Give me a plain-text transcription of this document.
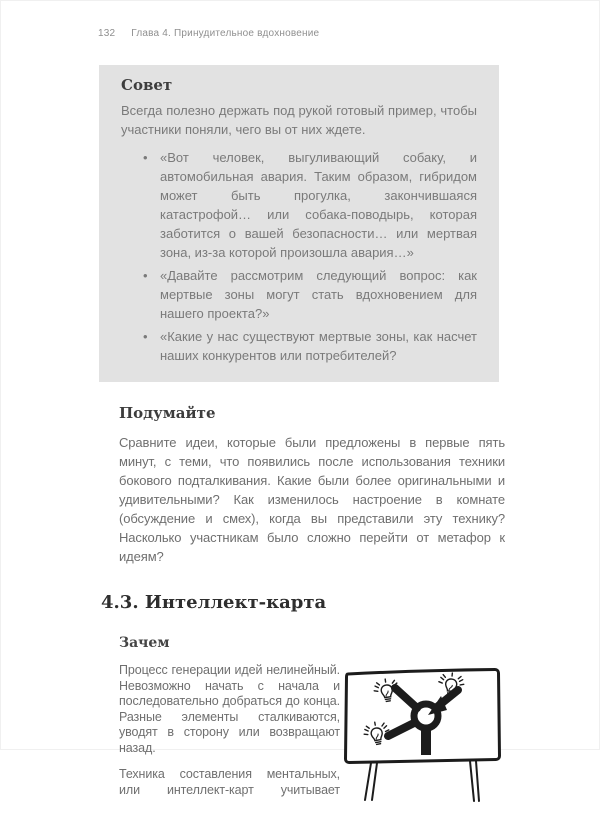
132 Глава 4. Принудительное вдохновение
Совет

Всегда полезно держать под рукой готовый пример, чтобы участники поняли, чего вы от них ждете.

• «Вот человек, выгуливающий собаку, и автомобильная авария. Таким образом, гибридом может быть прогулка, закончившаяся катастрофой… или собака-поводырь, которая заботится о вашей безопасности… или мертвая зона, из-за которой произошла авария…»
• «Давайте рассмотрим следующий вопрос: как мертвые зоны могут стать вдохновением для нашего проекта?»
• «Какие у нас существуют мертвые зоны, как насчет наших конкурентов или потребителей?
Подумайте

Сравните идеи, которые были предложены в первые пять минут, с теми, что появились после использования техники бокового подталкивания. Какие были более оригинальными и удивительными? Как изменилось настроение в комнате (обсуждение и смех), когда вы представили эту технику? Насколько участникам было сложно перейти от метафор к идеям?

4.3. Интеллект-карта
Зачем

Процесс генерации идей нелинейный. Невозможно начать с начала и последовательно добраться до конца. Разные элементы сталкиваются, уводят в сторону или возвращают назад.

Техника составления ментальных, или интеллект-карт учитывает
